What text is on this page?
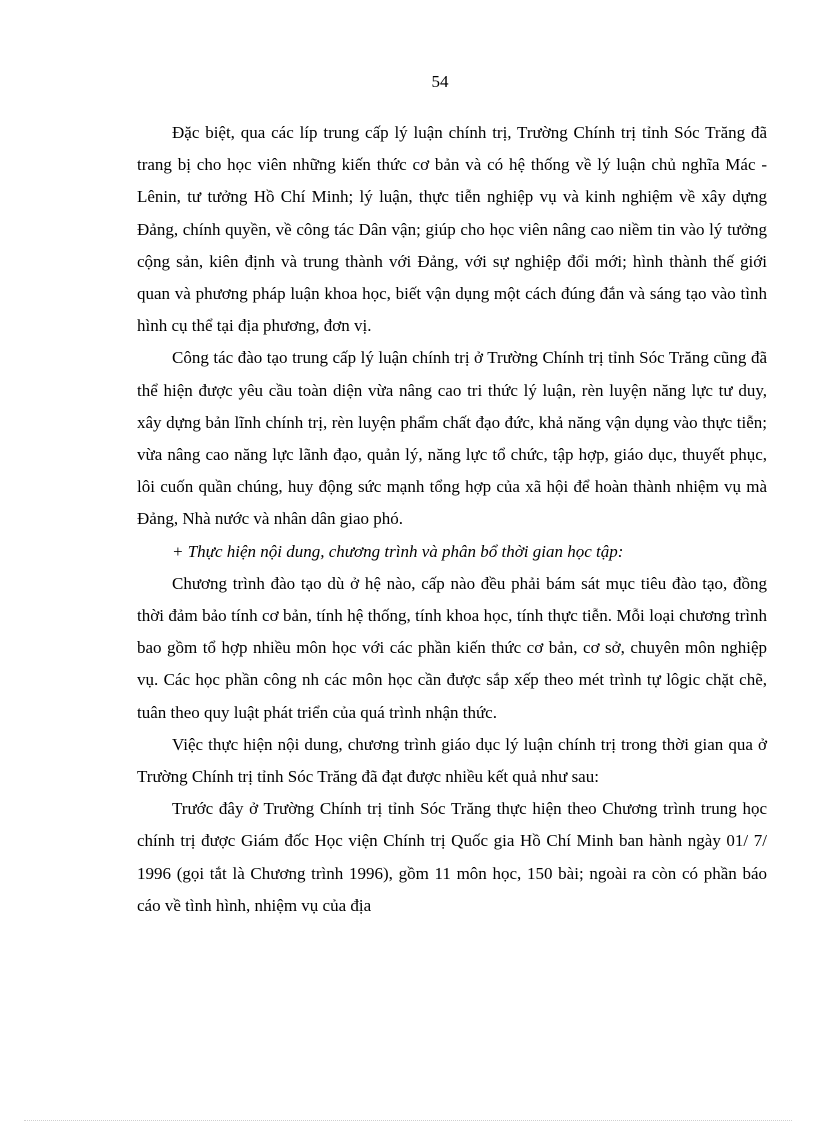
54

Đặc biệt, qua các líp trung cấp lý luận chính trị, Trường Chính trị tỉnh Sóc Trăng đã trang bị cho học viên những kiến thức cơ bản và có hệ thống về lý luận chủ nghĩa Mác - Lênin, tư tưởng Hồ Chí Minh; lý luận, thực tiễn nghiệp vụ và kinh nghiệm về xây dựng Đảng, chính quyền, về công tác Dân vận; giúp cho học viên nâng cao niềm tin vào lý tưởng cộng sản, kiên định và trung thành với Đảng, với sự nghiệp đổi mới; hình thành thế giới quan và phương pháp luận khoa học, biết vận dụng một cách đúng đắn và sáng tạo vào tình hình cụ thể tại địa phương, đơn vị.

Công tác đào tạo trung cấp lý luận chính trị ở Trường Chính trị tỉnh Sóc Trăng cũng đã thể hiện được yêu cầu toàn diện vừa nâng cao tri thức lý luận, rèn luyện năng lực tư duy, xây dựng bản lĩnh chính trị, rèn luyện phẩm chất đạo đức, khả năng vận dụng vào thực tiễn; vừa nâng cao năng lực lãnh đạo, quản lý, năng lực tổ chức, tập hợp, giáo dục, thuyết phục, lôi cuốn quần chúng, huy động sức mạnh tổng hợp của xã hội để hoàn thành nhiệm vụ mà Đảng, Nhà nước và nhân dân giao phó.

+ Thực hiện nội dung, chương trình và phân bổ thời gian học tập:

Chương trình đào tạo dù ở hệ nào, cấp nào đều phải bám sát mục tiêu đào tạo, đồng thời đảm bảo tính cơ bản, tính hệ thống, tính khoa học, tính thực tiễn. Mỗi loại chương trình bao gồm tổ hợp nhiều môn học với các phần kiến thức cơ bản, cơ sở, chuyên môn nghiệp vụ. Các học phần công nh các môn học cần được sắp xếp theo mét trình tự lôgic chặt chẽ, tuân theo quy luật phát triển của quá trình nhận thức.

Việc thực hiện nội dung, chương trình giáo dục lý luận chính trị trong thời gian qua ở Trường Chính trị tỉnh Sóc Trăng đã đạt được nhiều kết quả như sau:

Trước đây ở Trường Chính trị tỉnh Sóc Trăng thực hiện theo Chương trình trung học chính trị được Giám đốc Học viện Chính trị Quốc gia Hồ Chí Minh ban hành ngày 01/ 7/ 1996 (gọi tắt là Chương trình 1996), gồm 11 môn học, 150 bài; ngoài ra còn có phần báo cáo về tình hình, nhiệm vụ của địa
